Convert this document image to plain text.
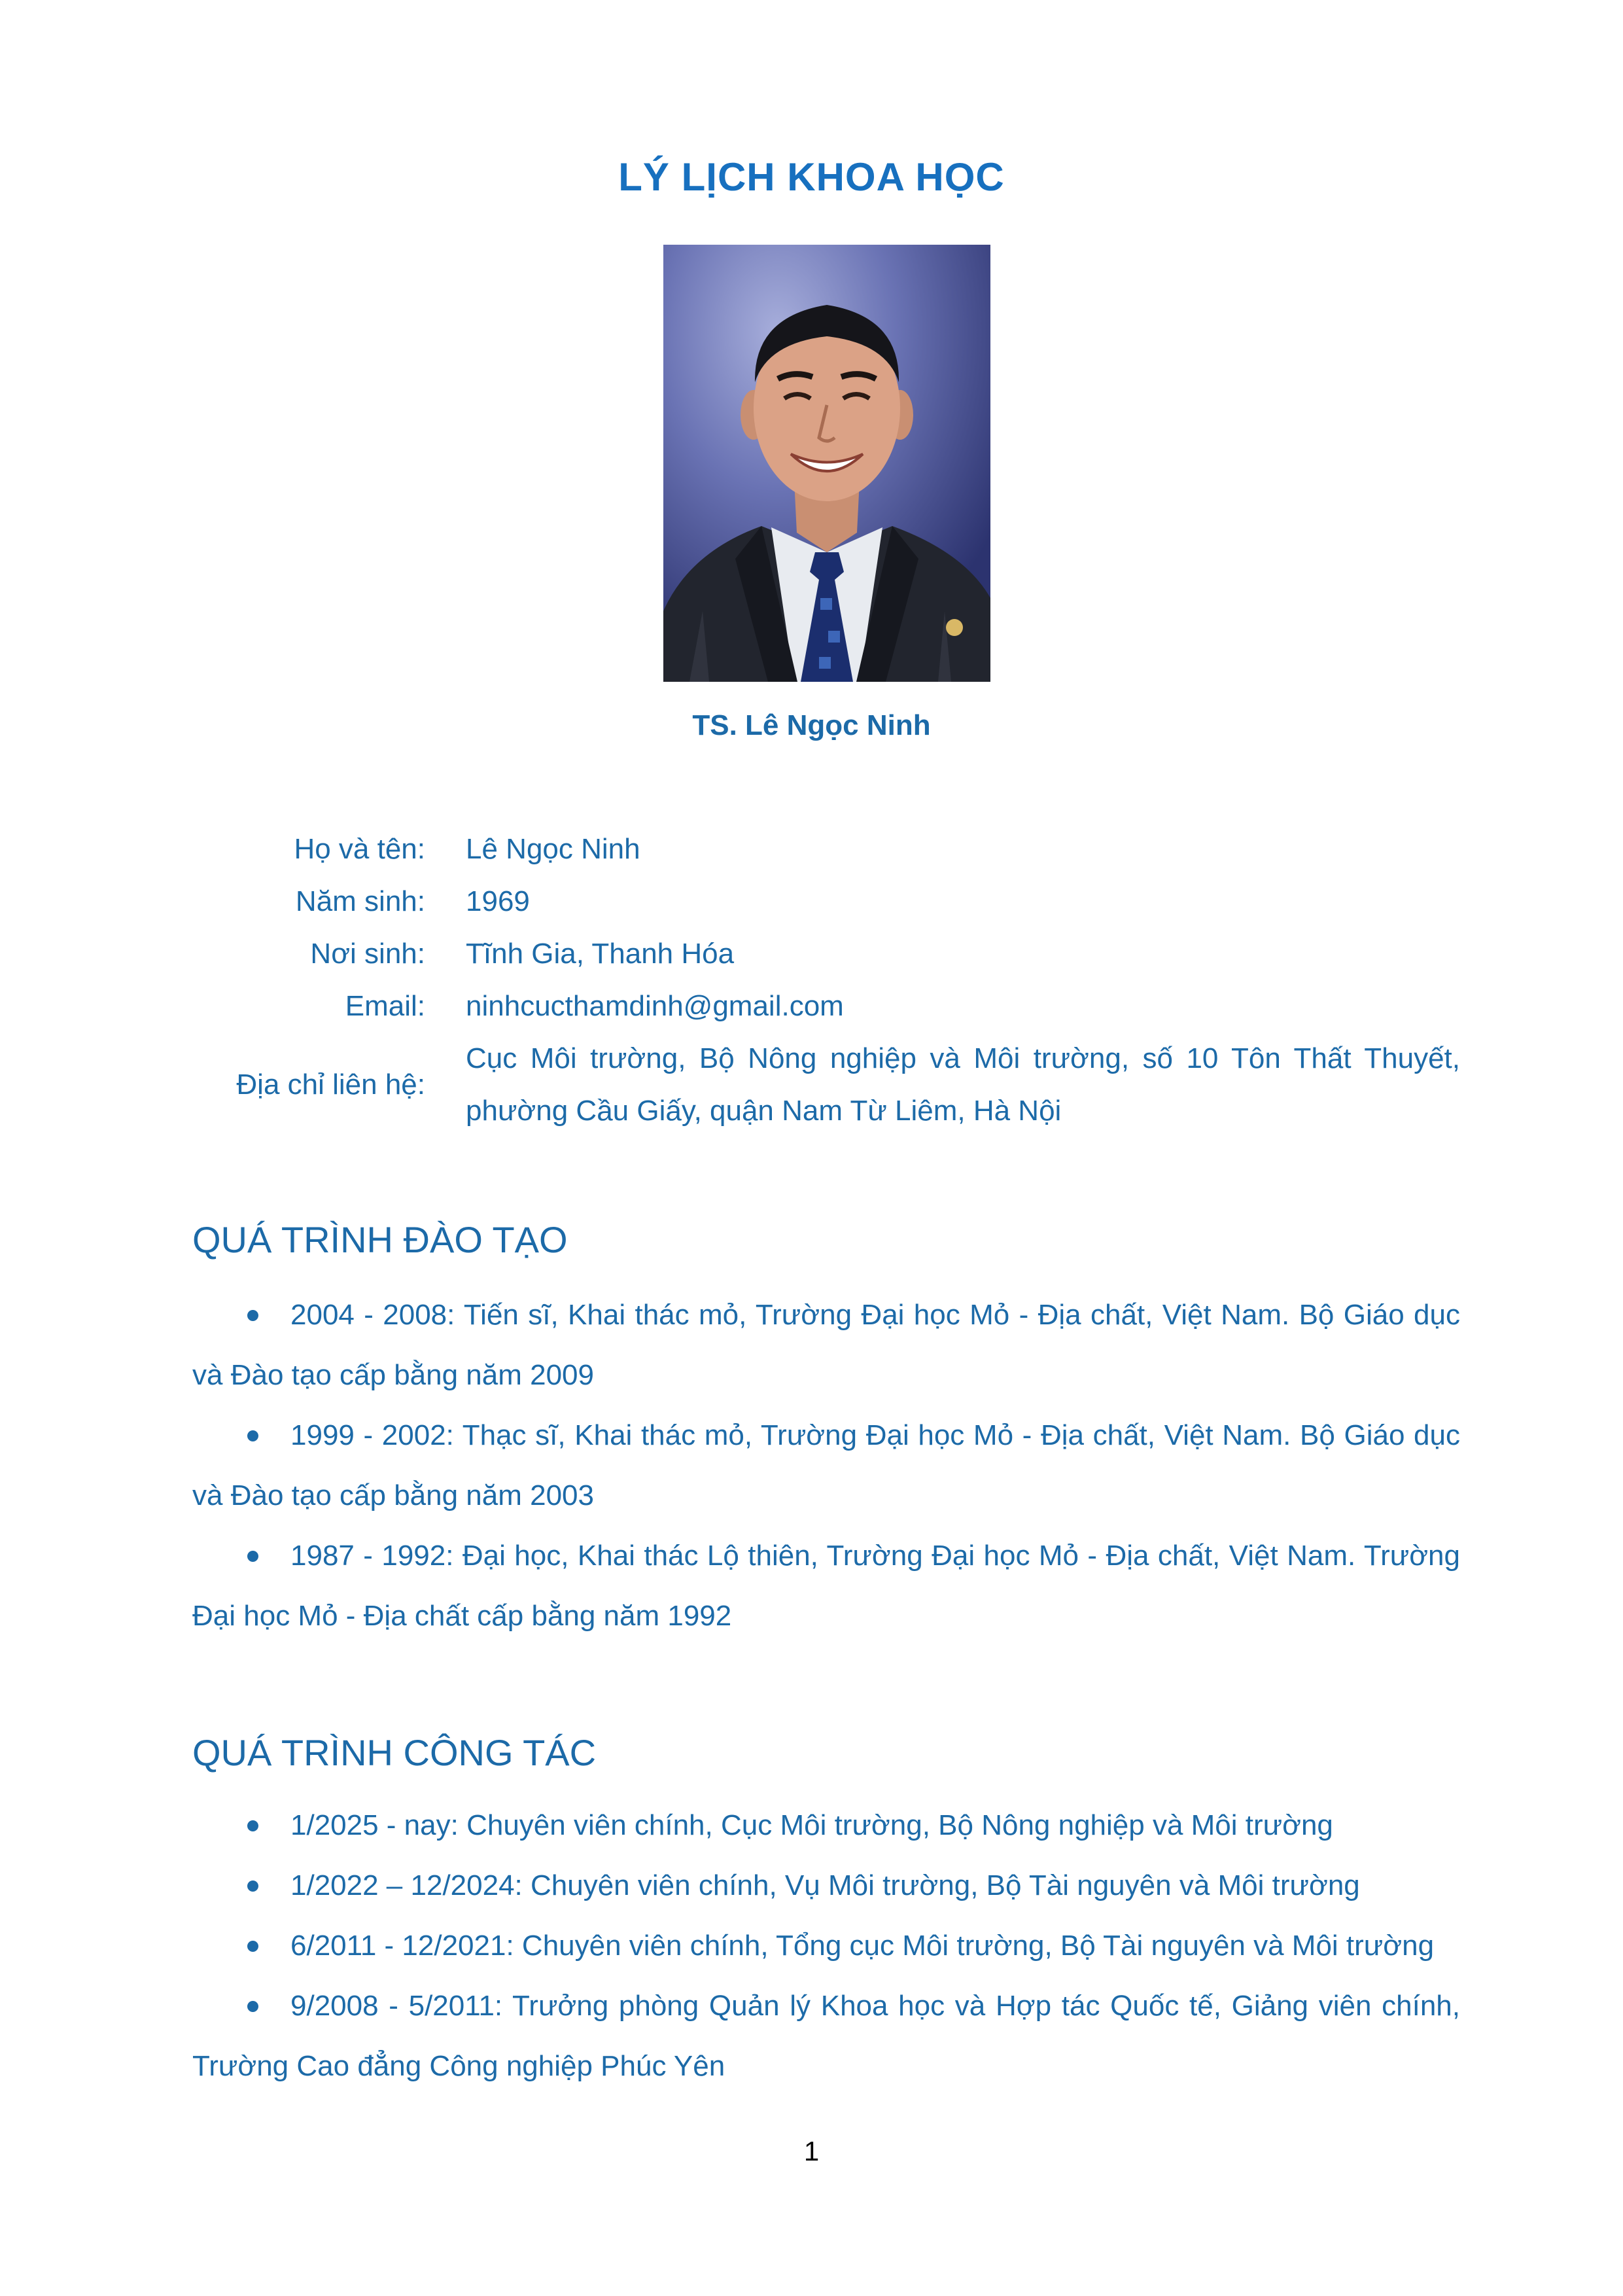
LÝ LỊCH KHOA HỌC
TS. Lê Ngọc Ninh
Họ và tên: Lê Ngọc Ninh
Năm sinh: 1969
Nơi sinh: Tĩnh Gia, Thanh Hóa
Email: ninhcucthamdinh@gmail.com
Địa chỉ liên hệ:
Cục Môi trường, Bộ Nông nghiệp và Môi trường, số 10 Tôn Thất Thuyết,
phường Cầu Giấy, quận Nam Từ Liêm, Hà Nội
QUÁ TRÌNH ĐÀO TẠO
2004 - 2008: Tiến sĩ, Khai thác mỏ, Trường Đại học Mỏ - Địa chất, Việt Nam. Bộ Giáo dục
và Đào tạo cấp bằng năm 2009
1999 - 2002: Thạc sĩ, Khai thác mỏ, Trường Đại học Mỏ - Địa chất, Việt Nam. Bộ Giáo dục
và Đào tạo cấp bằng năm 2003
1987 - 1992: Đại học, Khai thác Lộ thiên, Trường Đại học Mỏ - Địa chất, Việt Nam. Trường
Đại học Mỏ - Địa chất cấp bằng năm 1992
QUÁ TRÌNH CÔNG TÁC
1/2025 - nay: Chuyên viên chính, Cục Môi trường, Bộ Nông nghiệp và Môi trường
1/2022 – 12/2024: Chuyên viên chính, Vụ Môi trường, Bộ Tài nguyên và Môi trường
6/2011 - 12/2021: Chuyên viên chính, Tổng cục Môi trường, Bộ Tài nguyên và Môi trường
9/2008 - 5/2011: Trưởng phòng Quản lý Khoa học và Hợp tác Quốc tế, Giảng viên chính,
Trường Cao đẳng Công nghiệp Phúc Yên
1
